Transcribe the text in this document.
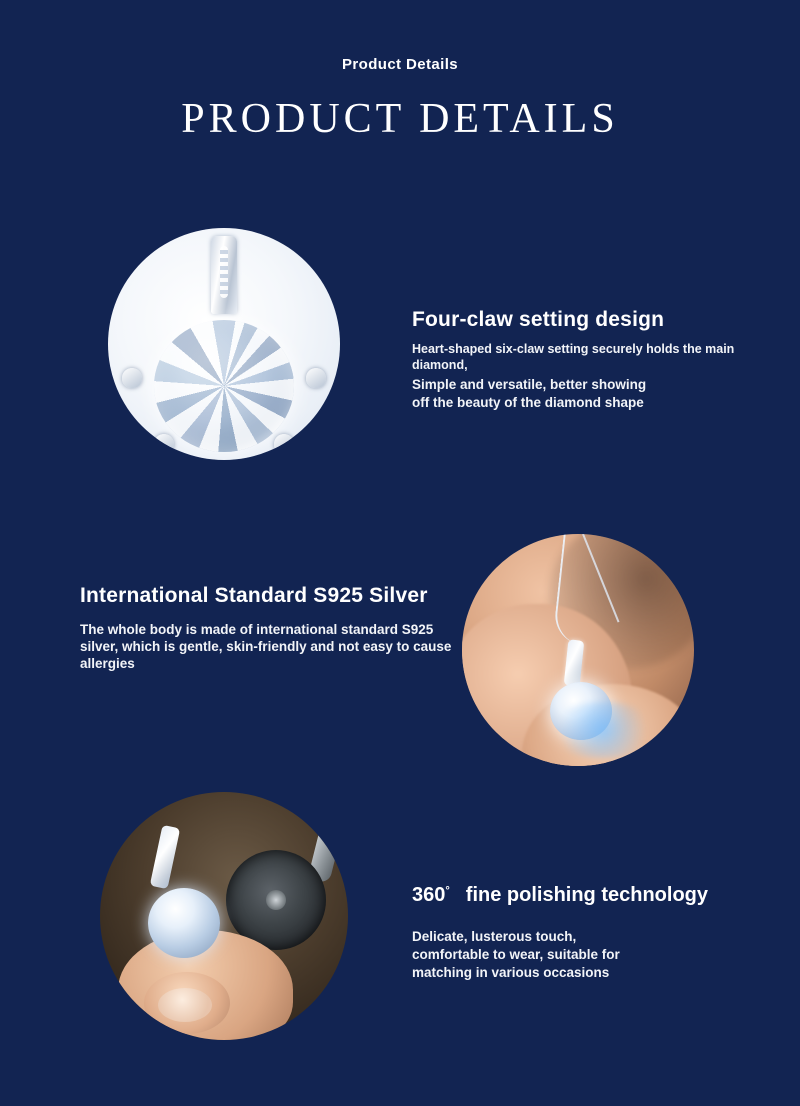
Product Details
PRODUCT DETAILS
Four-claw setting design
Heart-shaped six-claw setting securely holds the main diamond,
Simple and versatile, better showing
off the beauty of the diamond shape
International Standard S925 Silver
The whole body is made of international standard S925 silver, which is gentle, skin-friendly and not easy to cause allergies
360° fine polishing technology
Delicate, lusterous touch,
comfortable to wear, suitable for
matching in various occasions
